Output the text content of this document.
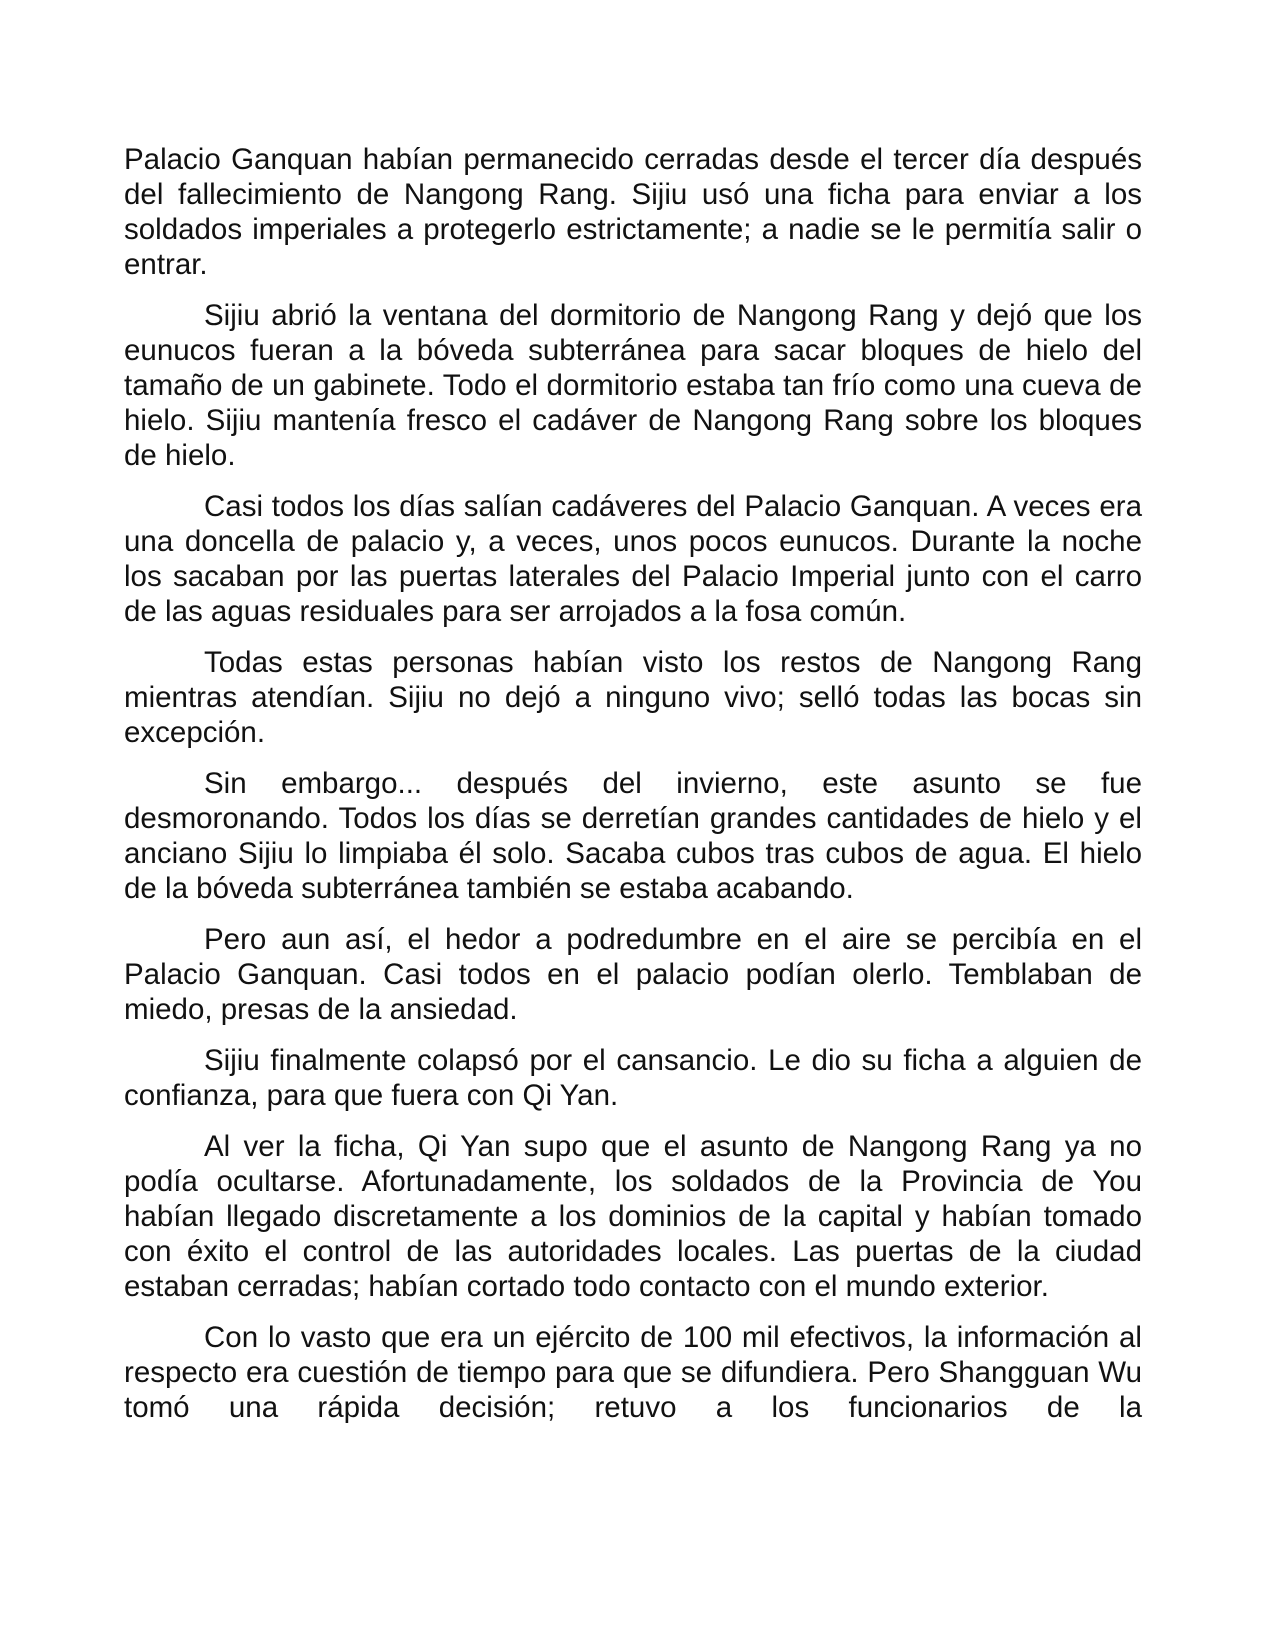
Palacio Ganquan habían permanecido cerradas desde el tercer día después del fallecimiento de Nangong Rang. Sijiu usó una ficha para enviar a los soldados imperiales a protegerlo estrictamente; a nadie se le permitía salir o entrar.

Sijiu abrió la ventana del dormitorio de Nangong Rang y dejó que los eunucos fueran a la bóveda subterránea para sacar bloques de hielo del tamaño de un gabinete. Todo el dormitorio estaba tan frío como una cueva de hielo. Sijiu mantenía fresco el cadáver de Nangong Rang sobre los bloques de hielo.

Casi todos los días salían cadáveres del Palacio Ganquan. A veces era una doncella de palacio y, a veces, unos pocos eunucos. Durante la noche los sacaban por las puertas laterales del Palacio Imperial junto con el carro de las aguas residuales para ser arrojados a la fosa común.

Todas estas personas habían visto los restos de Nangong Rang mientras atendían. Sijiu no dejó a ninguno vivo; selló todas las bocas sin excepción.

Sin embargo... después del invierno, este asunto se fue desmoronando. Todos los días se derretían grandes cantidades de hielo y el anciano Sijiu lo limpiaba él solo. Sacaba cubos tras cubos de agua. El hielo de la bóveda subterránea también se estaba acabando.

Pero aun así, el hedor a podredumbre en el aire se percibía en el Palacio Ganquan. Casi todos en el palacio podían olerlo. Temblaban de miedo, presas de la ansiedad.

Sijiu finalmente colapsó por el cansancio. Le dio su ficha a alguien de confianza, para que fuera con Qi Yan.

Al ver la ficha, Qi Yan supo que el asunto de Nangong Rang ya no podía ocultarse. Afortunadamente, los soldados de la Provincia de You habían llegado discretamente a los dominios de la capital y habían tomado con éxito el control de las autoridades locales. Las puertas de la ciudad estaban cerradas; habían cortado todo contacto con el mundo exterior.

Con lo vasto que era un ejército de 100 mil efectivos, la información al respecto era cuestión de tiempo para que se difundiera. Pero Shangguan Wu tomó una rápida decisión; retuvo a los funcionarios de la
